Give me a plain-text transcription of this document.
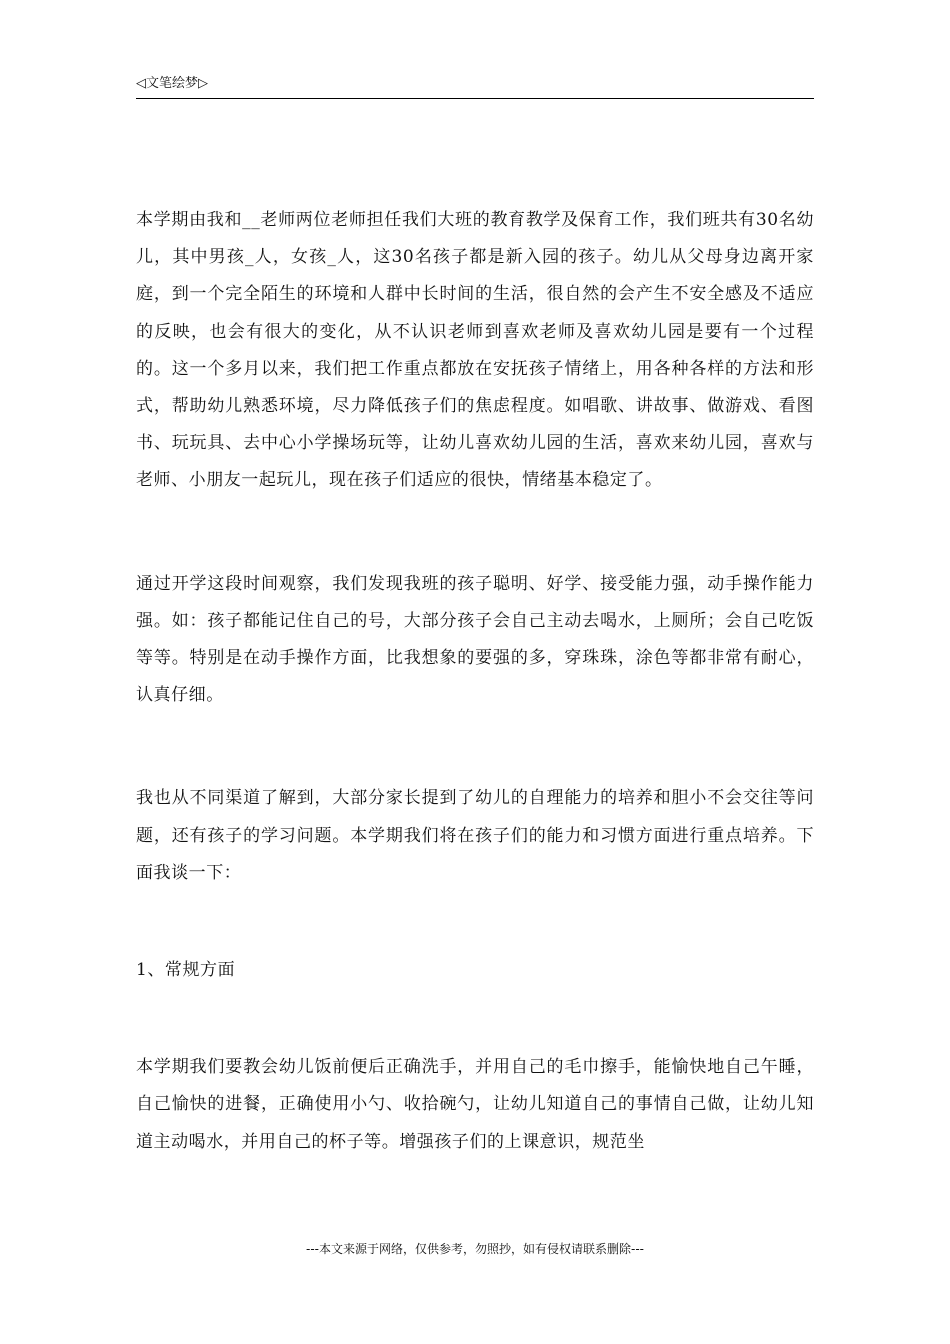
◁文笔绘梦▷

本学期由我和__老师两位老师担任我们大班的教育教学及保育工作，我们班共有30名幼儿，其中男孩_人，女孩_人，这30名孩子都是新入园的孩子。幼儿从父母身边离开家庭，到一个完全陌生的环境和人群中长时间的生活，很自然的会产生不安全感及不适应的反映，也会有很大的变化，从不认识老师到喜欢老师及喜欢幼儿园是要有一个过程的。这一个多月以来，我们把工作重点都放在安抚孩子情绪上，用各种各样的方法和形式，帮助幼儿熟悉环境，尽力降低孩子们的焦虑程度。如唱歌、讲故事、做游戏、看图书、玩玩具、去中心小学操场玩等，让幼儿喜欢幼儿园的生活，喜欢来幼儿园，喜欢与老师、小朋友一起玩儿，现在孩子们适应的很快，情绪基本稳定了。

通过开学这段时间观察，我们发现我班的孩子聪明、好学、接受能力强，动手操作能力强。如：孩子都能记住自己的号，大部分孩子会自己主动去喝水，上厕所；会自己吃饭等等。特别是在动手操作方面，比我想象的要强的多，穿珠珠，涂色等都非常有耐心，认真仔细。

我也从不同渠道了解到，大部分家长提到了幼儿的自理能力的培养和胆小不会交往等问题，还有孩子的学习问题。本学期我们将在孩子们的能力和习惯方面进行重点培养。下面我谈一下：

1、常规方面

本学期我们要教会幼儿饭前便后正确洗手，并用自己的毛巾擦手，能愉快地自己午睡，自己愉快的进餐，正确使用小勺、收拾碗勺，让幼儿知道自己的事情自己做，让幼儿知道主动喝水，并用自己的杯子等。增强孩子们的上课意识，规范坐

---本文来源于网络，仅供参考，勿照抄，如有侵权请联系删除---
